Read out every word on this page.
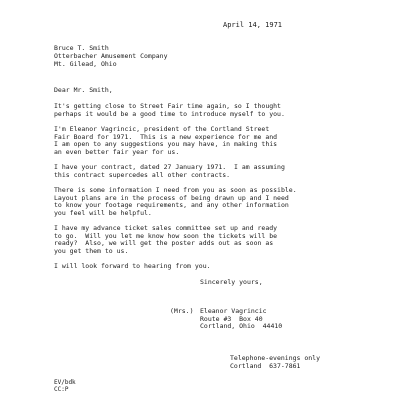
April 14, 1971
Bruce T. Smith
Otterbacher Amusement Company
Mt. Gilead, Ohio
Dear Mr. Smith,
It's getting close to Street Fair time again, so I thought
perhaps it would be a good time to introduce myself to you.
I'm Eleanor Vagrincic, president of the Cortland Street
Fair Board for 1971.  This is a new experience for me and
I am open to any suggestions you may have, in making this
an even better fair year for us.
I have your contract, dated 27 January 1971.  I am assuming
this contract supercedes all other contracts.
There is some information I need from you as soon as possible.
Layout plans are in the process of being drawn up and I need
to know your footage requirements, and any other information
you feel will be helpful.
I have my advance ticket sales committee set up and ready
to go.  Will you let me know how soon the tickets will be
ready?  Also, we will get the poster adds out as soon as
you get them to us.
I will look forward to hearing from you.
Sincerely yours,
(Mrs.) Eleanor Vagrincic
Route #3  Box 40
Cortland, Ohio  44410
Telephone-evenings only
Cortland  637-7861
EV/bdk
CC:P
